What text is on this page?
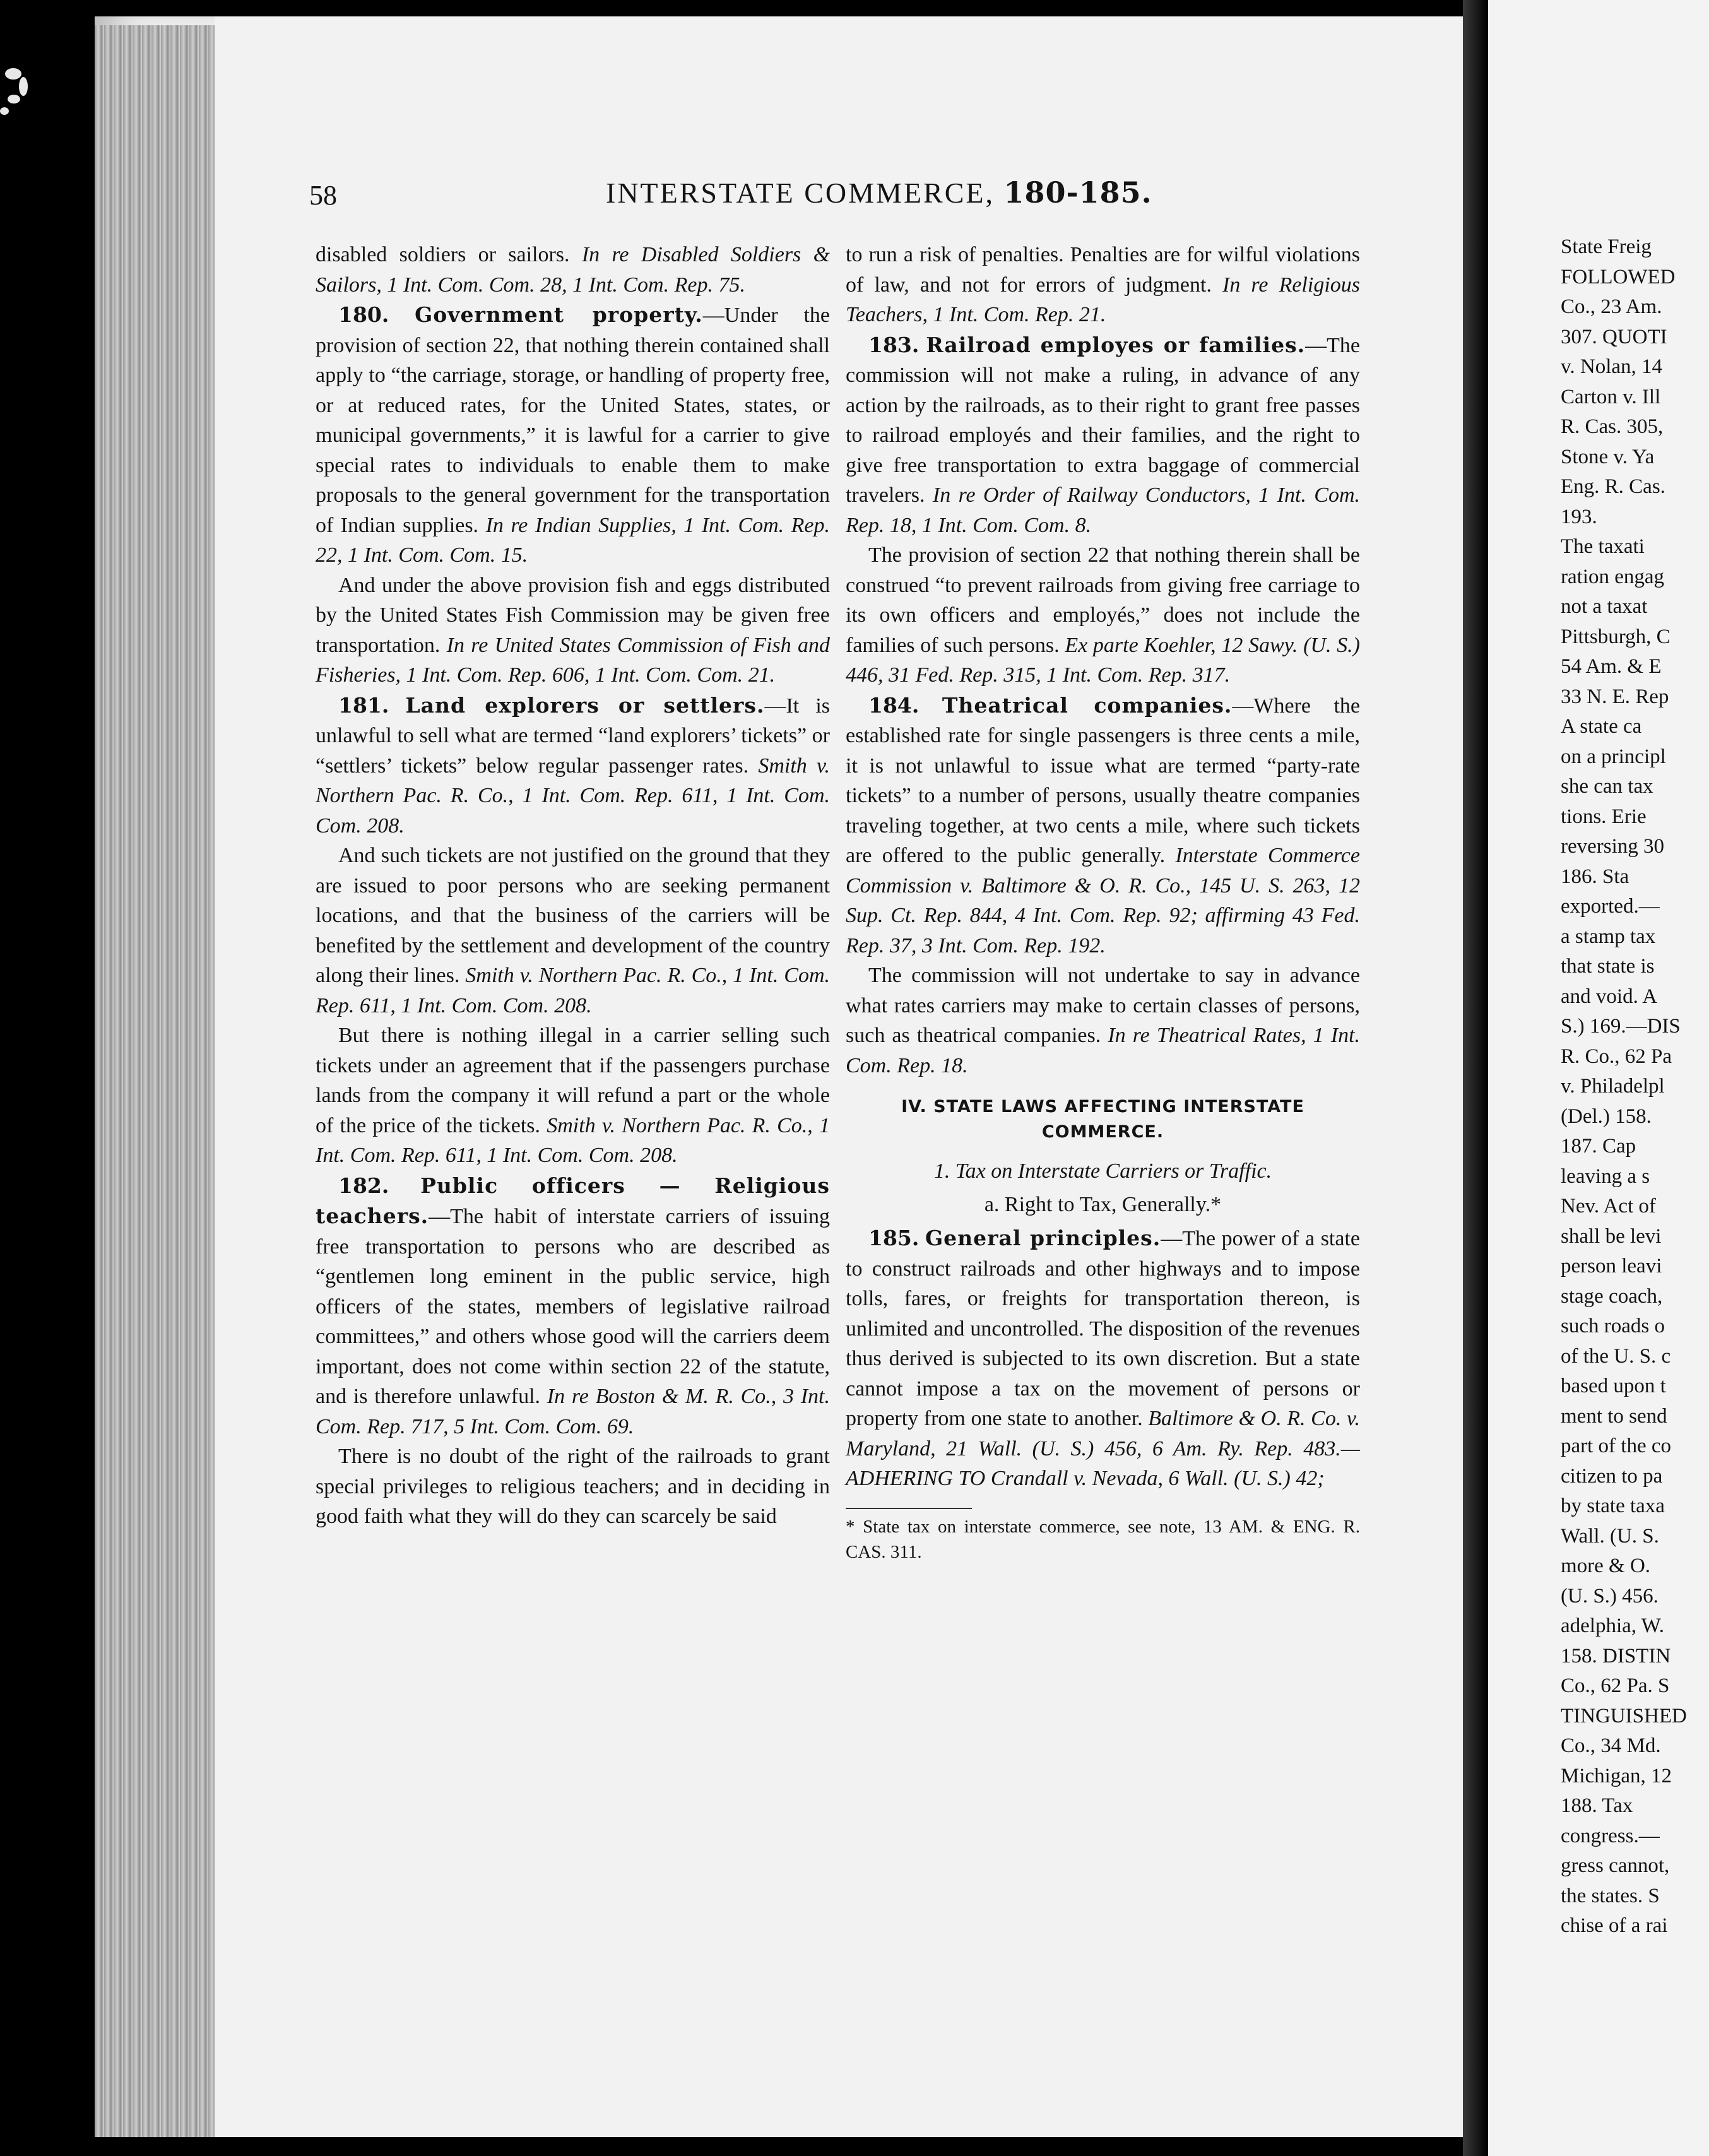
State Freig
FOLLOWED
Co., 23 Am.
307. QUOTI
v. Nolan, 14
Carton v. Ill
R. Cas. 305,
Stone v. Ya
Eng. R. Cas.
193.
The taxati
ration engag
not a taxat
Pittsburgh, C
54 Am. & E
33 N. E. Rep
A state ca
on a principl
she can tax
tions. Erie
reversing 30
186. Sta
exported.—
a stamp tax
that state is
and void. A
S.) 169.—DIS
R. Co., 62 Pa
v. Philadelpl
(Del.) 158.
187. Cap
leaving a s
Nev. Act of
shall be levi
person leavi
stage coach,
such roads o
of the U. S. c
based upon t
ment to send
part of the co
citizen to pa
by state taxa
Wall. (U. S.
more & O.
(U. S.) 456.
adelphia, W.
158. DISTIN
Co., 62 Pa. S
TINGUISHED
Co., 34 Md.
Michigan, 12
188. Tax
congress.—
gress cannot,
the states. S
chise of a rai
58	INTERSTATE COMMERCE, 180-185.

disabled soldiers or sailors. In re Disabled Soldiers & Sailors, 1 Int. Com. Com. 28, 1 Int. Com. Rep. 75.

180. Government property.—Under the provision of section 22, that nothing therein contained shall apply to “the carriage, storage, or handling of property free, or at reduced rates, for the United States, states, or municipal governments,” it is lawful for a carrier to give special rates to individuals to enable them to make proposals to the general government for the transportation of Indian supplies. In re Indian Supplies, 1 Int. Com. Rep. 22, 1 Int. Com. Com. 15.

And under the above provision fish and eggs distributed by the United States Fish Commission may be given free transportation. In re United States Commission of Fish and Fisheries, 1 Int. Com. Rep. 606, 1 Int. Com. Com. 21.

181. Land explorers or settlers.—It is unlawful to sell what are termed “land explorers’ tickets” or “settlers’ tickets” below regular passenger rates. Smith v. Northern Pac. R. Co., 1 Int. Com. Rep. 611, 1 Int. Com. Com. 208.

And such tickets are not justified on the ground that they are issued to poor persons who are seeking permanent locations, and that the business of the carriers will be benefited by the settlement and development of the country along their lines. Smith v. Northern Pac. R. Co., 1 Int. Com. Rep. 611, 1 Int. Com. Com. 208.

But there is nothing illegal in a carrier selling such tickets under an agreement that if the passengers purchase lands from the company it will refund a part or the whole of the price of the tickets. Smith v. Northern Pac. R. Co., 1 Int. Com. Rep. 611, 1 Int. Com. Com. 208.

182. Public officers — Religious teachers.—The habit of interstate carriers of issuing free transportation to persons who are described as “gentlemen long eminent in the public service, high officers of the states, members of legislative railroad committees,” and others whose good will the carriers deem important, does not come within section 22 of the statute, and is therefore unlawful. In re Boston & M. R. Co., 3 Int. Com. Rep. 717, 5 Int. Com. Com. 69.

There is no doubt of the right of the railroads to grant special privileges to religious teachers; and in deciding in good faith what they will do they can scarcely be said

to run a risk of penalties. Penalties are for wilful violations of law, and not for errors of judgment. In re Religious Teachers, 1 Int. Com. Rep. 21.

183. Railroad employes or families.—The commission will not make a ruling, in advance of any action by the railroads, as to their right to grant free passes to railroad employés and their families, and the right to give free transportation to extra baggage of commercial travelers. In re Order of Railway Conductors, 1 Int. Com. Rep. 18, 1 Int. Com. Com. 8.

The provision of section 22 that nothing therein shall be construed “to prevent railroads from giving free carriage to its own officers and employés,” does not include the families of such persons. Ex parte Koehler, 12 Sawy. (U. S.) 446, 31 Fed. Rep. 315, 1 Int. Com. Rep. 317.

184. Theatrical companies.—Where the established rate for single passengers is three cents a mile, it is not unlawful to issue what are termed “party-rate tickets” to a number of persons, usually theatre companies traveling together, at two cents a mile, where such tickets are offered to the public generally. Interstate Commerce Commission v. Baltimore & O. R. Co., 145 U. S. 263, 12 Sup. Ct. Rep. 844, 4 Int. Com. Rep. 92; affirming 43 Fed. Rep. 37, 3 Int. Com. Rep. 192.

The commission will not undertake to say in advance what rates carriers may make to certain classes of persons, such as theatrical companies. In re Theatrical Rates, 1 Int. Com. Rep. 18.

IV. STATE LAWS AFFECTING INTERSTATE COMMERCE.
1. Tax on Interstate Carriers or Traffic.
a. Right to Tax, Generally.*

185. General principles.—The power of a state to construct railroads and other highways and to impose tolls, fares, or freights for transportation thereon, is unlimited and uncontrolled. The disposition of the revenues thus derived is subjected to its own discretion. But a state cannot impose a tax on the movement of persons or property from one state to another. Baltimore & O. R. Co. v. Maryland, 21 Wall. (U. S.) 456, 6 Am. Ry. Rep. 483.—ADHERING TO Crandall v. Nevada, 6 Wall. (U. S.) 42;

* State tax on interstate commerce, see note, 13 AM. & ENG. R. CAS. 311.
